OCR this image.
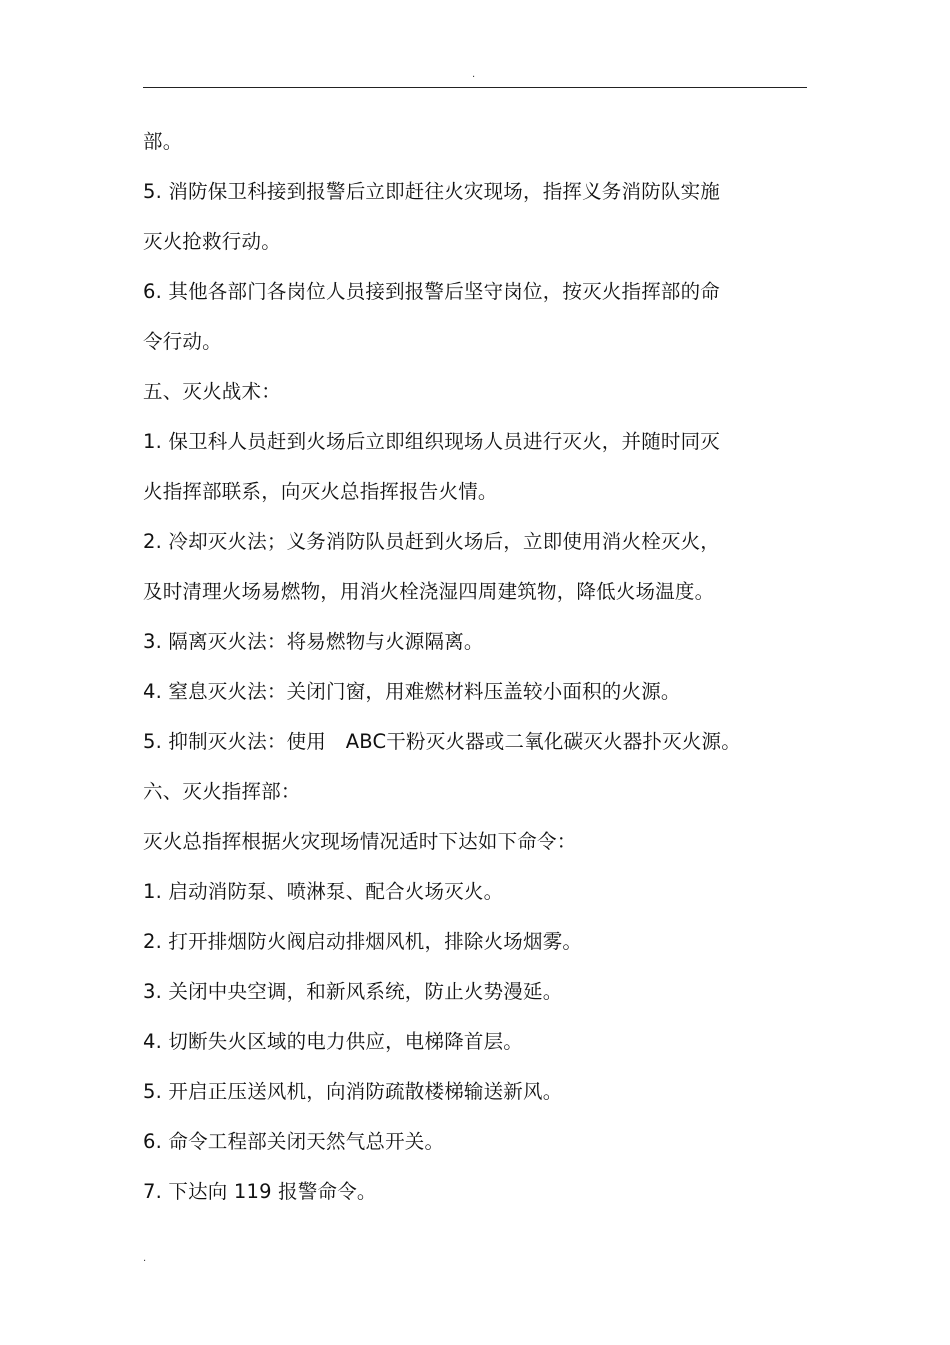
.
部。
5. 消防保卫科接到报警后立即赶往火灾现场，指挥义务消防队实施
灭火抢救行动。
6. 其他各部门各岗位人员接到报警后坚守岗位，按灭火指挥部的命
令行动。
五、灭火战术：
1. 保卫科人员赶到火场后立即组织现场人员进行灭火，并随时同灭
火指挥部联系，向灭火总指挥报告火情。
2. 冷却灭火法；义务消防队员赶到火场后，立即使用消火栓灭火，
及时清理火场易燃物，用消火栓浇湿四周建筑物，降低火场温度。
3. 隔离灭火法：将易燃物与火源隔离。
4. 窒息灭火法：关闭门窗，用难燃材料压盖较小面积的火源。
5. 抑制灭火法：使用　ABC干粉灭火器或二氧化碳灭火器扑灭火源。
六、灭火指挥部：
灭火总指挥根据火灾现场情况适时下达如下命令：
1. 启动消防泵、喷淋泵、配合火场灭火。
2. 打开排烟防火阀启动排烟风机，排除火场烟雾。
3. 关闭中央空调，和新风系统，防止火势漫延。
4. 切断失火区域的电力供应，电梯降首层。
5. 开启正压送风机，向消防疏散楼梯输送新风。
6. 命令工程部关闭天然气总开关。
7. 下达向 119 报警命令。
.
